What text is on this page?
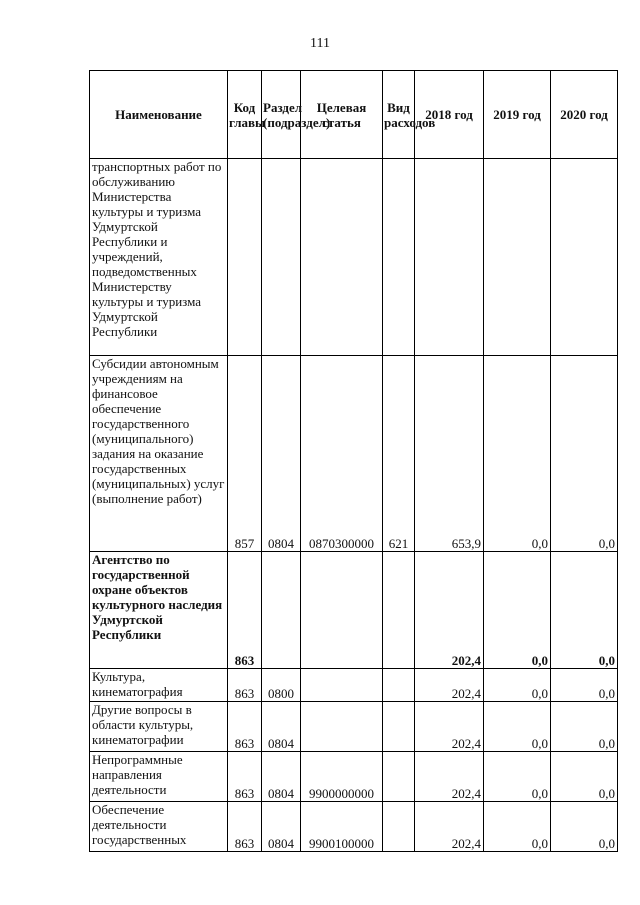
111
Наименование	Код главы	Раздел (подраздел)	Целевая статья	Вид расходов	2018 год	2019 год	2020 год
транспортных работ по обслуживанию Министерства культуры и туризма Удмуртской Республики и учреждений, подведомственных Министерству культуры и туризма Удмуртской Республики							
Субсидии автономным учреждениям на финансовое обеспечение государственного (муниципального) задания на оказание государственных (муниципальных) услуг (выполнение работ)	857	0804	0870300000	621	653,9	0,0	0,0
Агентство по государственной охране объектов культурного наследия Удмуртской Республики	863				202,4	0,0	0,0
Культура, кинематография	863	0800			202,4	0,0	0,0
Другие вопросы в области культуры, кинематографии	863	0804			202,4	0,0	0,0
Непрограммные направления деятельности	863	0804	9900000000		202,4	0,0	0,0
Обеспечение деятельности государственных	863	0804	9900100000		202,4	0,0	0,0
